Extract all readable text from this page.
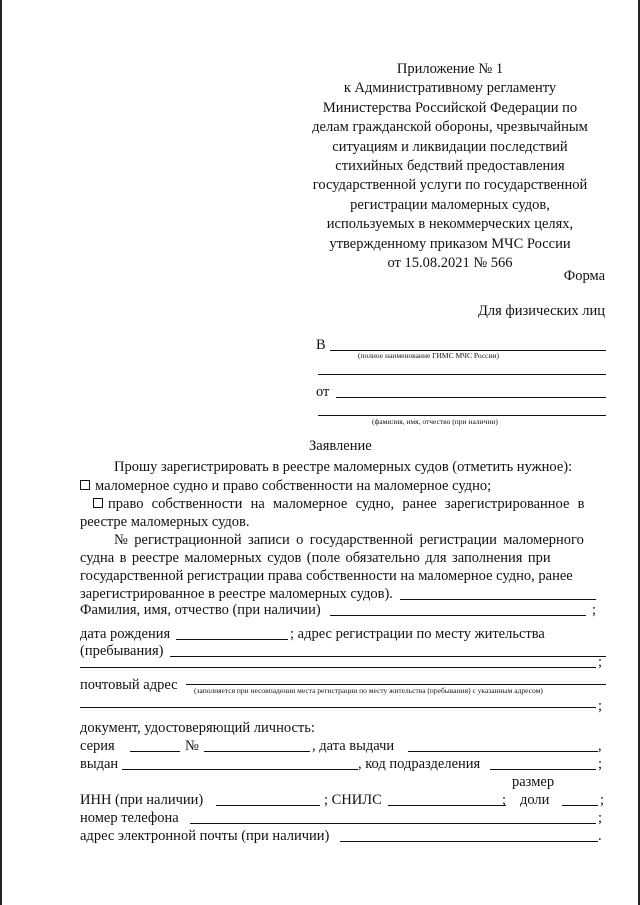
Приложение № 1
к Административному регламенту
Министерства Российской Федерации по
делам гражданской обороны, чрезвычайным
ситуациям и ликвидации последствий
стихийных бедствий предоставления
государственной услуги по государственной
регистрации маломерных судов,
используемых в некоммерческих целях,
утвержденному приказом МЧС России
от 15.08.2021 № 566
Форма
Для физических лиц
В
(полное наименование ГИМС МЧС России)
от
(фамилия, имя, отчество (при наличии)
Заявление
Прошу зарегистрировать в реестре маломерных судов (отметить нужное):
маломерное судно и право собственности на маломерное судно;
право собственности на маломерное судно, ранее зарегистрированное в
реестре маломерных судов.
№ регистрационной записи о государственной регистрации маломерного
судна в реестре маломерных судов (поле обязательно для заполнения при
государственной регистрации права собственности на маломерное судно, ранее
зарегистрированное в реестре маломерных судов).
Фамилия, имя, отчество (при наличии)	;
дата рождения	; адрес регистрации по месту жительства
(пребывания)
;
почтовый адрес (заполняется при несовпадении места регистрации по месту жительства (пребывания) с указанным адресом)
;
документ, удостоверяющий личность:
серия	№	, дата выдачи	,
выдан	, код подразделения	;
размер
ИНН (при наличии)	; СНИЛС	; доли	;
номер телефона	;
адрес электронной почты (при наличии)	.
